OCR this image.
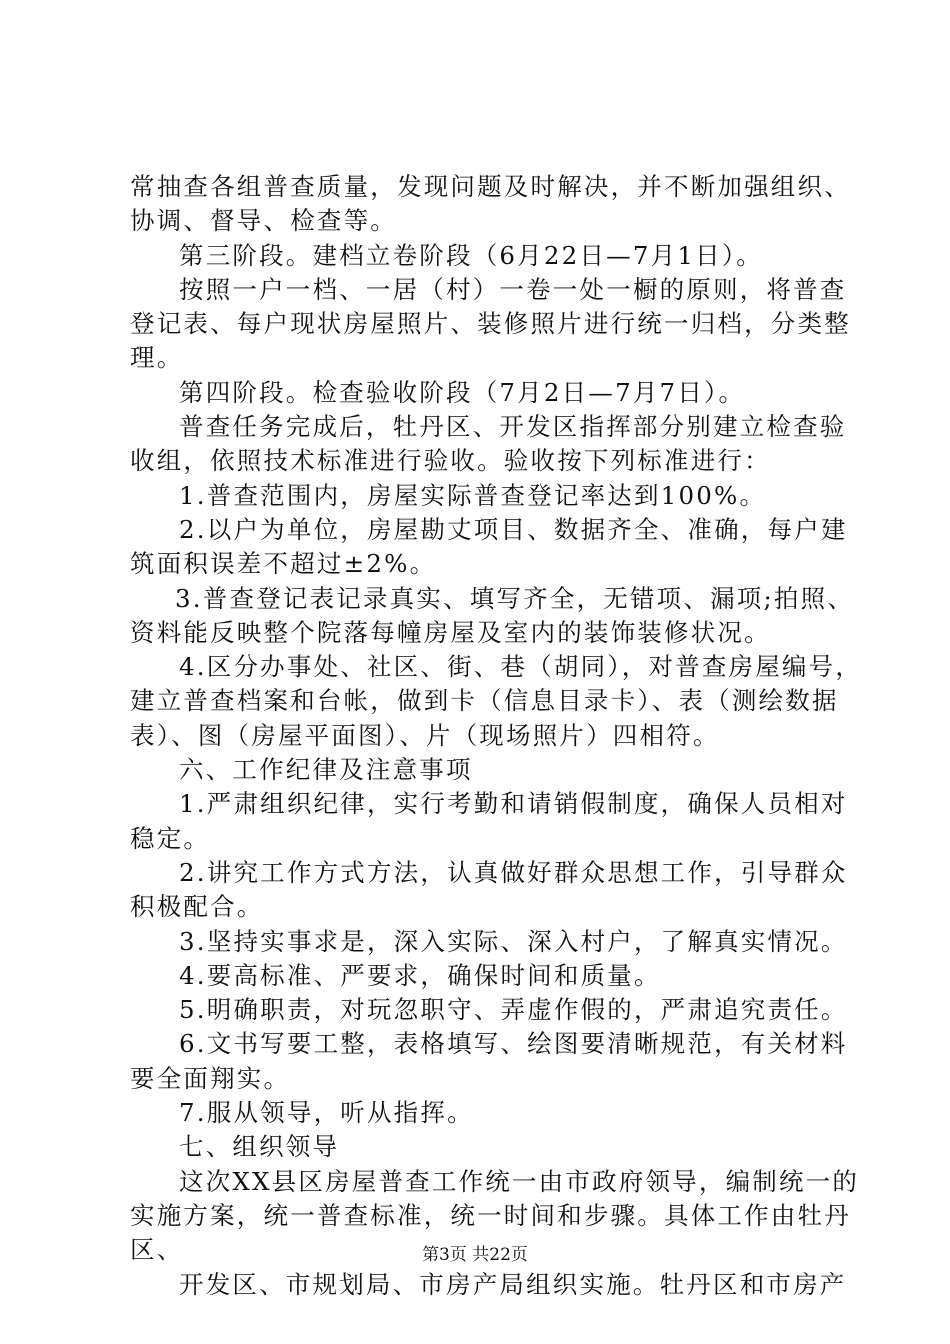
常抽查各组普查质量，发现问题及时解决，并不断加强组织、
协调、督导、检查等。
第三阶段。建档立卷阶段（6月22日—7月1日）。
按照一户一档、一居（村）一卷一处一橱的原则，将普查
登记表、每户现状房屋照片、装修照片进行统一归档，分类整
理。
第四阶段。检查验收阶段（7月2日—7月7日）。
普查任务完成后，牡丹区、开发区指挥部分别建立检查验
收组，依照技术标准进行验收。验收按下列标准进行：
1.普查范围内，房屋实际普查登记率达到100%。
2.以户为单位，房屋勘丈项目、数据齐全、准确，每户建
筑面积误差不超过±2%。
3.普查登记表记录真实、填写齐全，无错项、漏项;拍照、
资料能反映整个院落每幢房屋及室内的装饰装修状况。
4.区分办事处、社区、街、巷（胡同），对普查房屋编号，
建立普查档案和台帐，做到卡（信息目录卡）、表（测绘数据
表）、图（房屋平面图）、片（现场照片）四相符。
六、工作纪律及注意事项
1.严肃组织纪律，实行考勤和请销假制度，确保人员相对
稳定。
2.讲究工作方式方法，认真做好群众思想工作，引导群众
积极配合。
3.坚持实事求是，深入实际、深入村户，了解真实情况。
4.要高标准、严要求，确保时间和质量。
5.明确职责，对玩忽职守、弄虚作假的，严肃追究责任。
6.文书写要工整，表格填写、绘图要清晰规范，有关材料
要全面翔实。
7.服从领导，听从指挥。
七、组织领导
这次XX县区房屋普查工作统一由市政府领导，编制统一的
实施方案，统一普查标准，统一时间和步骤。具体工作由牡丹
区、
开发区、市规划局、市房产局组织实施。牡丹区和市房产
第3页 共22页
